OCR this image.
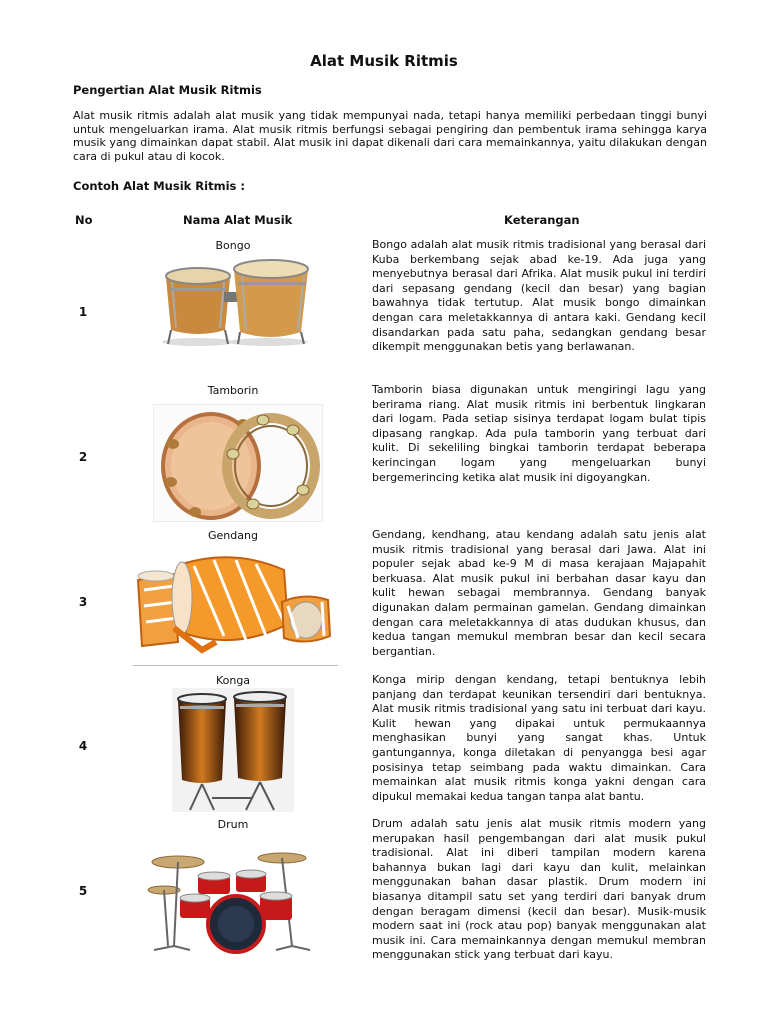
Alat Musik Ritmis
Pengertian Alat Musik Ritmis
Alat musik ritmis adalah alat musik yang tidak mempunyai nada, tetapi hanya memiliki perbedaan tinggi bunyi untuk mengeluarkan irama. Alat musik ritmis berfungsi sebagai pengiring dan pembentuk irama sehingga karya musik yang dimainkan dapat stabil. Alat musik ini dapat dikenali dari cara memainkannya, yaitu dilakukan dengan cara di pukul atau di kocok.
Contoh Alat Musik Ritmis :
No	Nama Alat Musik	Keterangan
1
Bongo	Bongo adalah alat musik ritmis tradisional yang berasal dari Kuba berkembang sejak abad ke-19. Ada juga yang menyebutnya berasal dari Afrika. Alat musik pukul ini terdiri dari sepasang gendang (kecil dan besar) yang bagian bawahnya tidak tertutup. Alat musik bongo dimainkan dengan cara meletakkannya di antara kaki. Gendang kecil disandarkan pada satu paha, sedangkan gendang besar dikempit menggunakan betis yang berlawanan.
2
Tamborin	Tamborin biasa digunakan untuk mengiringi lagu yang berirama riang. Alat musik ritmis ini berbentuk lingkaran dari logam. Pada setiap sisinya terdapat logam bulat tipis dipasang rangkap. Ada pula tamborin yang terbuat dari kulit. Di sekeliling bingkai tamborin terdapat beberapa kerincingan logam yang mengeluarkan bunyi bergemerincing ketika alat musik ini digoyangkan.
3
Gendang	Gendang, kendhang, atau kendang adalah satu jenis alat musik ritmis tradisional yang berasal dari Jawa. Alat ini populer sejak abad ke-9 M di masa kerajaan Majapahit berkuasa. Alat musik pukul ini berbahan dasar kayu dan kulit hewan sebagai membrannya. Gendang banyak digunakan dalam permainan gamelan. Gendang dimainkan dengan cara meletakkannya di atas dudukan khusus, dan kedua tangan memukul membran besar dan kecil secara bergantian.
4
Konga	Konga mirip dengan kendang, tetapi bentuknya lebih panjang dan terdapat keunikan tersendiri dari bentuknya. Alat musik ritmis tradisional yang satu ini terbuat dari kayu. Kulit hewan yang dipakai untuk permukaannya menghasikan bunyi yang sangat khas. Untuk gantungannya, konga diletakan di penyangga besi agar posisinya tetap seimbang pada waktu dimainkan. Cara memainkan alat musik ritmis konga yakni dengan cara dipukul memakai kedua tangan tanpa alat bantu.
5
Drum	Drum adalah satu jenis alat musik ritmis modern yang merupakan hasil pengembangan dari alat musik pukul tradisional. Alat ini diberi tampilan modern karena bahannya bukan lagi dari kayu dan kulit, melainkan menggunakan bahan dasar plastik. Drum modern ini biasanya ditampil satu set yang terdiri dari banyak drum dengan beragam dimensi (kecil dan besar). Musik-musik modern saat ini (rock atau pop) banyak menggunakan alat musik ini. Cara memainkannya dengan memukul membran menggunakan stick yang terbuat dari kayu.
